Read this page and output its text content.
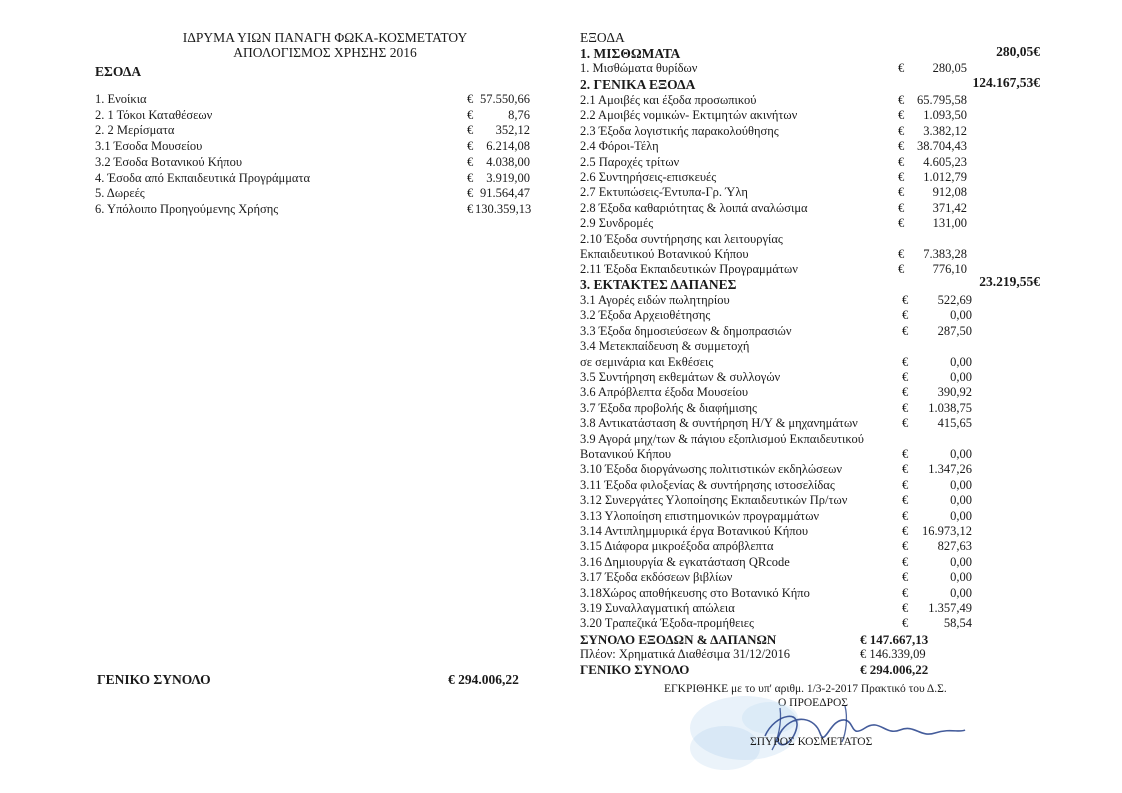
ΙΔΡΥΜΑ ΥΙΩΝ ΠΑΝΑΓΗ ΦΩΚΑ-ΚΟΣΜΕΤΑΤΟΥ
ΑΠΟΛΟΓΙΣΜΟΣ ΧΡΗΣΗΣ 2016
ΕΣΟΔΑ
1. Ενοίκια	€ 57.550,66
2. 1 Τόκοι Καταθέσεων	€	8,76
2. 2 Μερίσματα	€	352,12
3.1 Έσοδα Μουσείου	€	6.214,08
3.2 Έσοδα Βοτανικού Κήπου	€	4.038,00
4. Έσοδα από Εκπαιδευτικά Προγράμματα	€	3.919,00
5. Δωρεές	€ 91.564,47
6. Υπόλοιπο Προηγούμενης Χρήσης	€ 130.359,13
ΓΕΝΙΚΟ ΣΥΝΟΛΟ	€ 294.006,22
ΕΞΟΔΑ
1. ΜΙΣΘΩΜΑΤΑ	280,05€
1. Μισθώματα θυρίδων	€	280,05
2. ΓΕΝΙΚΑ ΕΞΟΔΑ	124.167,53€
2.1 Αμοιβές και έξοδα προσωπικού	€	65.795,58
2.2 Αμοιβές νομικών- Εκτιμητών ακινήτων	€	1.093,50
2.3 Έξοδα λογιστικής παρακολούθησης	€	3.382,12
2.4 Φόροι-Τέλη	€	38.704,43
2.5 Παροχές τρίτων	€	4.605,23
2.6 Συντηρήσεις-επισκευές	€	1.012,79
2.7 Εκτυπώσεις-Έντυπα-Γρ. Ύλη	€	912,08
2.8 Έξοδα καθαριότητας & λοιπά αναλώσιμα	€	371,42
2.9 Συνδρομές	€	131,00
2.10 Έξοδα συντήρησης και λειτουργίας
Εκπαιδευτικού Βοτανικού Κήπου	€	7.383,28
2.11 Έξοδα Εκπαιδευτικών Προγραμμάτων	€	776,10
3. ΕΚΤΑΚΤΕΣ ΔΑΠΑΝΕΣ	23.219,55€
3.1 Αγορές ειδών πωλητηρίου	€	522,69
3.2 Έξοδα Αρχειοθέτησης	€	0,00
3.3 Έξοδα δημοσιεύσεων & δημοπρασιών	€	287,50
3.4 Μετεκπαίδευση & συμμετοχή
σε σεμινάρια και Εκθέσεις	€	0,00
3.5 Συντήρηση εκθεμάτων & συλλογών	€	0,00
3.6 Απρόβλεπτα έξοδα Μουσείου	€	390,92
3.7 Έξοδα προβολής & διαφήμισης	€	1.038,75
3.8 Αντικατάσταση & συντήρηση Η/Υ & μηχανημάτων	€	415,65
3.9 Αγορά μηχ/των & πάγιου εξοπλισμού Εκπαιδευτικού
Βοτανικού Κήπου	€	0,00
3.10 Έξοδα διοργάνωσης πολιτιστικών εκδηλώσεων	€	1.347,26
3.11 Έξοδα φιλοξενίας & συντήρησης ιστοσελίδας	€	0,00
3.12 Συνεργάτες Υλοποίησης Εκπαιδευτικών Πρ/των	€	0,00
3.13 Υλοποίηση επιστημονικών προγραμμάτων	€	0,00
3.14 Αντιπλημμυρικά έργα Βοτανικού Κήπου	€	16.973,12
3.15 Διάφορα μικροέξοδα απρόβλεπτα	€	827,63
3.16 Δημιουργία & εγκατάσταση QRcode	€	0,00
3.17 Έξοδα εκδόσεων βιβλίων	€	0,00
3.18Χώρος αποθήκευσης στο Βοτανικό Κήπο	€	0,00
3.19 Συναλλαγματική απώλεια	€	1.357,49
3.20 Τραπεζικά Έξοδα-προμήθειες	€	58,54
ΣΥΝΟΛΟ ΕΞΟΔΩΝ & ΔΑΠΑΝΩΝ	€ 147.667,13
Πλέον: Χρηματικά Διαθέσιμα 31/12/2016	€ 146.339,09
ΓΕΝΙΚΟ ΣΥΝΟΛΟ	€ 294.006,22
ΕΓΚΡΙΘΗΚΕ με το υπ' αριθμ. 1/3-2-2017 Πρακτικό του Δ.Σ.
Ο ΠΡΟΕΔΡΟΣ
ΣΠΥΡΟΣ ΚΟΣΜΕΤΑΤΟΣ
